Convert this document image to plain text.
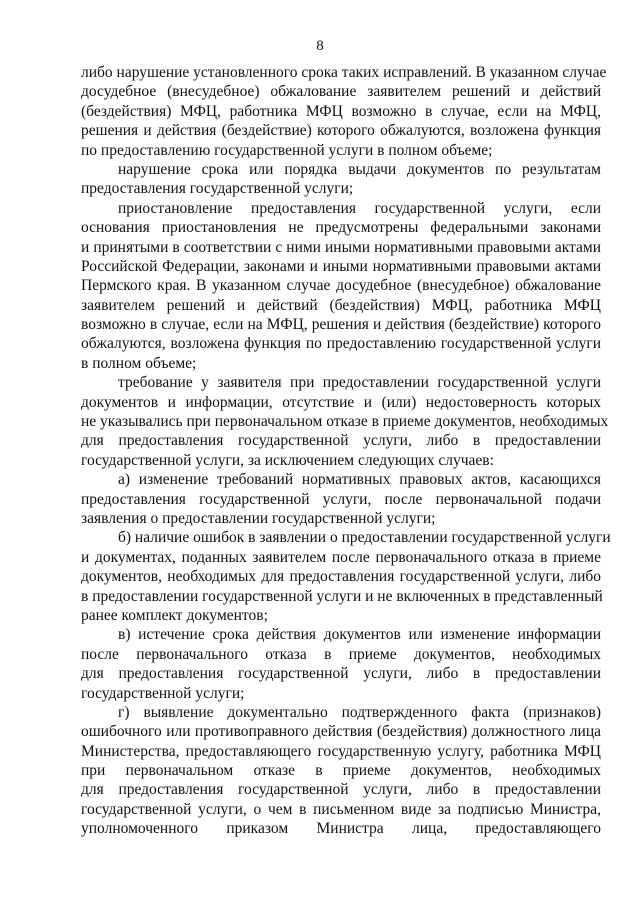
8
либо нарушение установленного срока таких исправлений. В указанном случае
досудебное (внесудебное) обжалование заявителем решений и действий
(бездействия) МФЦ, работника МФЦ возможно в случае, если на МФЦ,
решения и действия (бездействие) которого обжалуются, возложена функция
по предоставлению государственной услуги в полном объеме;
нарушение срока или порядка выдачи документов по результатам
предоставления государственной услуги;
приостановление предоставления государственной услуги, если
основания приостановления не предусмотрены федеральными законами
и принятыми в соответствии с ними иными нормативными правовыми актами
Российской Федерации, законами и иными нормативными правовыми актами
Пермского края. В указанном случае досудебное (внесудебное) обжалование
заявителем решений и действий (бездействия) МФЦ, работника МФЦ
возможно в случае, если на МФЦ, решения и действия (бездействие) которого
обжалуются, возложена функция по предоставлению государственной услуги
в полном объеме;
требование у заявителя при предоставлении государственной услуги
документов и информации, отсутствие и (или) недостоверность которых
не указывались при первоначальном отказе в приеме документов, необходимых
для предоставления государственной услуги, либо в предоставлении
государственной услуги, за исключением следующих случаев:
а) изменение требований нормативных правовых актов, касающихся
предоставления государственной услуги, после первоначальной подачи
заявления о предоставлении государственной услуги;
б) наличие ошибок в заявлении о предоставлении государственной услуги
и документах, поданных заявителем после первоначального отказа в приеме
документов, необходимых для предоставления государственной услуги, либо
в предоставлении государственной услуги и не включенных в представленный
ранее комплект документов;
в) истечение срока действия документов или изменение информации
после первоначального отказа в приеме документов, необходимых
для предоставления государственной услуги, либо в предоставлении
государственной услуги;
г) выявление документально подтвержденного факта (признаков)
ошибочного или противоправного действия (бездействия) должностного лица
Министерства, предоставляющего государственную услугу, работника МФЦ
при первоначальном отказе в приеме документов, необходимых
для предоставления государственной услуги, либо в предоставлении
государственной услуги, о чем в письменном виде за подписью Министра,
уполномоченного приказом Министра лица, предоставляющего
